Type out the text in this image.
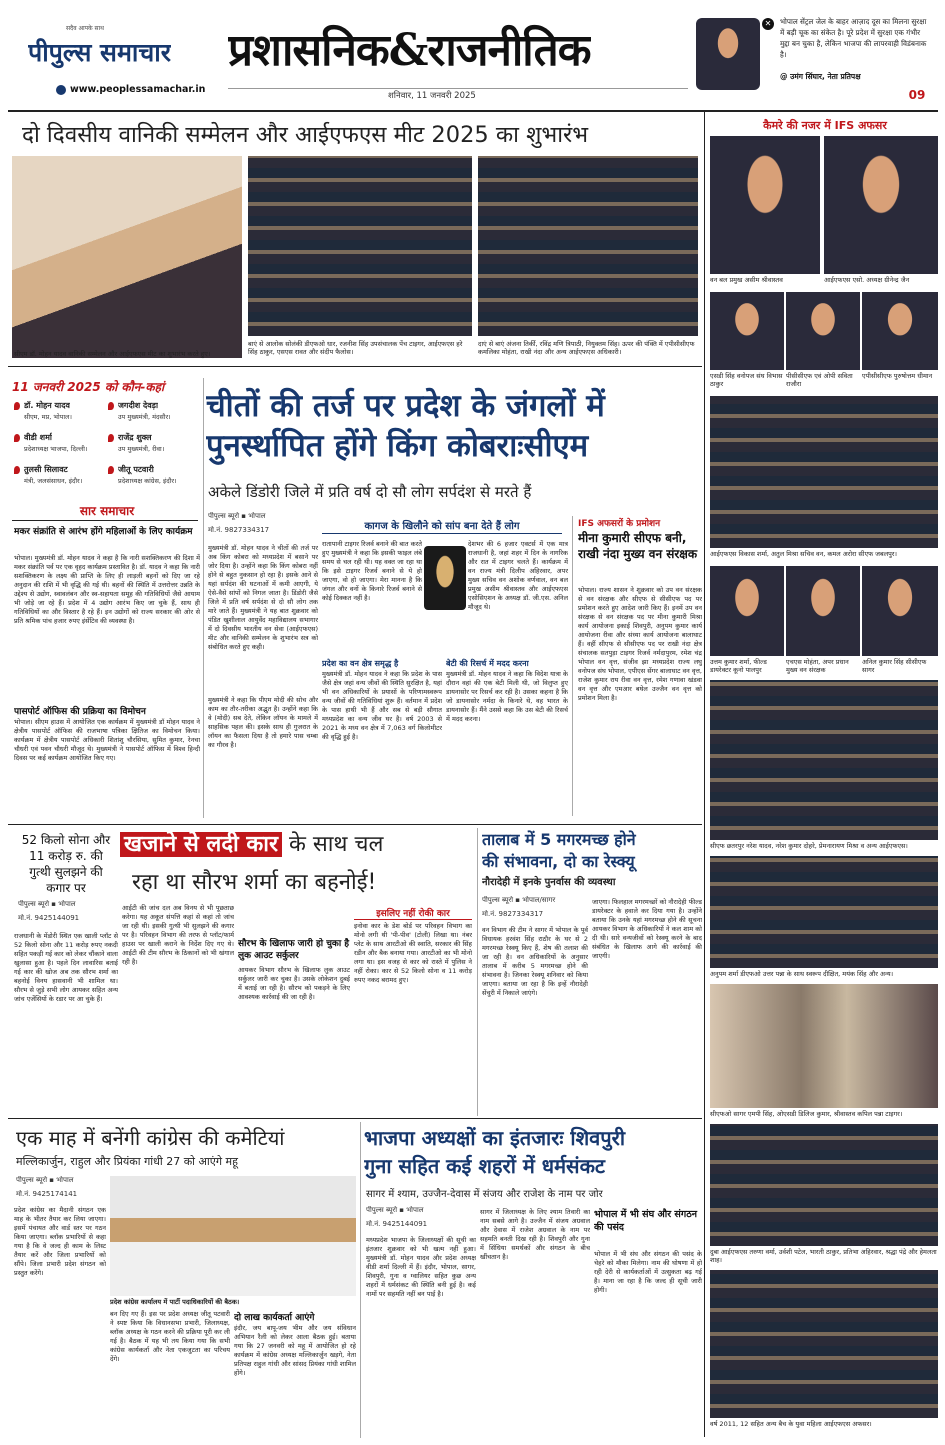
सदैव आपके साथ
पीपुल्स समाचार
www.peoplessamachar.in
प्रशासनिक&राजनीतिक
✕	भोपाल सेंट्रल जेल के बाहर आज़ाद दूस का मिलना सुरक्षा में बड़ी चूक का संकेत है। पूरे प्रदेश में सुरक्षा एक गंभीर मुद्दा बन चुका है, लेकिन भाजपा की लापरवाही विडंबनाक है।
@ उमंग सिंघार, नेता प्रतिपक्ष
शनिवार, 11 जनवरी 2025	09
दो दिवसीय वानिकी सम्मेलन और आईएफएस मीट 2025 का शुभारंभ
सीएम डॉ. मोहन यादव वानिकी सम्मेलन और आईएफएस मीट का शुभारंभ करते हुए।
बाएं से आलोक सोलंकी डीएफओ धार, रजनीश सिंह उपसंचालक पेंच टाइगर, आईएफएस हरे सिंह ठाकुर, एसएस रावत और संदीप फैलोस।
दाएं से बाएं अंजना तिर्की, रविंद्र मणि त्रिपाठी, नियुक्तम सिंह। ऊपर की पंक्ति में एपीसीसीएफ कमलिका मोहंता, राखी नंदा और अन्य आईएफएस अधिकारी।
कैमरे की नजर में IFS अफसर
वन बल प्रमुख असीम श्रीवास्तव	आईएफएस एसो. अध्यक्ष ग्रीनेन्द्र जैन
एसडी सिंह वनोपज संघ विभास ठाकुर
पीसीसीएफ एवं ओपी सविता राजौरा
एपीसीसीएफ पुरुषोत्तम धीमान
आईएफएस विकास शर्मा, अतुल मिश्रा सचिव वन, कमल अरोरा सीएफ जबलपुर।
उत्तम कुमार शर्मा, फील्ड डायरेक्टर कूनो पालपुर
एचएस मोहंता, अपर प्रधान मुख्य वन संरक्षक
अनिल कुमार सिंह सीसीएफ सागर
सीएफ छतरपुर नरेश यादव, नरेश कुमार दोहरे, प्रेमनारायण मिश्रा व अन्य आईएफएस।
अनुपम शर्मा डीएफओ उत्तर पन्ना के साथ स्वरूप दीक्षित, मयंक सिंह और अन्य।
सीएफओ सागर एमपी सिंह, ओएसडी डिलिज कुमार, श्रीवास्तव कपिल पन्ना टाइगर।
दुबा आईएफएस तरुणा वर्मा, उर्वशी पटेल, भारती ठाकुर, प्रतिभा अहिरवार, श्रद्धा पंद्रे और हेमलता शाह।
वर्ष 2011, 12 सहित अन्य बैच के युवा महिला आईएफएस अफसर।
11 जनवरी 2025 को कौन-कहां
डॉ. मोहन यादव
सीएम, मप्र, भोपाल।
जगदीश देवड़ा
उप मुख्यमंत्री, मंदसौर।
वीडी शर्मा
प्रदेशाध्यक्ष भाजपा, दिल्ली।
राजेंद्र शुक्ल
उप मुख्यमंत्री, रीवा।
तुलसी सिलावट
मंत्री, जलसंसाधन, इंदौर।
जीतू पटवारी
प्रदेशाध्यक्ष कांग्रेस, इंदौर।
सार समाचार
मकर संक्रांति से आरंभ होंगे महिलाओं के लिए कार्यक्रम
भोपाल। मुख्यमंत्री डॉ. मोहन यादव ने कहा है कि नारी सशक्तिकरण की दिशा में मकर संक्रांति पर्व पर एक वृहद कार्यक्रम प्रस्तावित है। डॉ. यादव ने कहा कि नारी सशक्तिकरण के लक्ष्य की प्राप्ति के लिए ही लाड़ली बहनों को दिए जा रहे अनुदान की राशि में भी वृद्धि की गई थी। बहनों की स्थिति में उत्तरोत्तर उन्नति के उद्देश्य से उद्योग, स्वावलंबन और स्व-सहायता समूह की गतिविधियों जैसे आयाम भी जोड़े जा रहे हैं। प्रदेश में 4 उद्योग आरंभ किए जा चुके हैं, साथ ही गतिविधियों का और विस्तार है रहे हैं। इन उद्योगों को राज्य सरकार की ओर से प्रति श्रमिक पांच हजार रुपए इंसेंटिव की व्यवस्था है।
पासपोर्ट ऑफिस की प्रक्रिया का विमोचन
भोपाल। सीएम हाउस में आयोजित एक कार्यक्रम में मुख्यमंत्री डॉ मोहन यादव ने क्षेत्रीय पासपोर्ट ऑफिस की राजभाषा पत्रिका क्षितिज का विमोचन किया। कार्यक्रम में क्षेत्रीय पासपोर्ट अधिकारी शितांशु चौरसिया, सुमित कुमार, रेनचा चौधरी एवं पवन चौधरी मौजूद थे। मुख्यमंत्री ने पासपोर्ट ऑफिस में विश्व हिन्दी दिवस पर कई कार्यक्रम आयोजित किए गए।
चीतों की तर्ज पर प्रदेश के जंगलों में
पुनर्स्थापित होंगे किंग कोबराःसीएम
अकेले डिंडोरी जिले में प्रति वर्ष दो सौ लोग सर्पदंश से मरते हैं
पीपुल्स ब्यूरो ▪ भोपाल
मो.नं. 9827334317
मुख्यमंत्री डॉ. मोहन यादव ने चीतों की तर्ज पर अब किंग कोबरा को मध्यप्रदेश में बसाने पर जोर दिया है। उन्होंने कहा कि किंग कोबरा नहीं होने से बहुत नुकसान हो रहा है। इसके आने से यहां सर्पदंश की घटनाओं में कमी आएगी, ये ऐसे-वैसे सांपों को निगल जाता है। डिंडोरी जैसे जिले में प्रति वर्ष सर्पदंश से दो सौ लोग तक मारे जाते हैं। मुख्यमंत्री ने यह बात शुक्रवार को पंडित खुशीलाल आयुर्वेद महाविद्यालय सभागार में दो दिवसीय भारतीय वन सेवा (आईएफएस) मीट और वानिकी सम्मेलन के शुभारंभ सत्र को संबोधित करते हुए कही।
मुख्यमंत्री ने कहा कि पीएम मोदी की सोच और काम का तौर-तरीका अद्भुत है। उन्होंने कहा कि वे (मोदी) सब देते, लेकिन लॉयन के मामले में साहसिक पहल की। इसके साथ ही गुजरात के लॉयन का फैसला दिया है तो हमारे पास चम्बा का गौरव है।
कागज के खिलौने को सांप बना देते हैं लोग
रातापानी टाइगर रिजर्व बनाने की बात करते हुए मुख्यमंत्री ने कहा कि इसकी फाइल लंबे समय से चल रही थी। यह वक्त जा रहा था कि इसे टाइगर रिजर्व बनाने से ये हो जाएगा, वो हो जाएगा। मेरा मानना है कि जंगल और वनों के किनारे रिजर्व बनाने से कोई दिक्कत नहीं है।
देशभर की 6 हजार एक्टर्स में एक मात्र राजधानी है, जहां शहर में दिन के नागरिक और रात में टाइगर चलते हैं। कार्यक्रम में वन राज्य मंत्री दिलीप अहिरवार, अपर मुख्य सचिव वन अशोक वर्णवाल, वन बल प्रमुख असीम श्रीवास्तव और आईएफएस एसोसिएशन के अध्यक्ष डॉ. जी.एस. अनिल मौजूद थे।
प्रदेश का वन क्षेत्र समृद्ध है
मुख्यमंत्री डॉ. मोहन यादव ने कहा कि प्रदेश के पास जैसे क्षेत्र जहां वन्य जीवों की स्थिति सुरक्षित है, यहां भी वन अधिकारियों के प्रयासों के परिणामस्वरूप वन्य जीवों की गतिविधियां शुरू हैं। वर्तमान में प्रदेश के पास हाथी भी हैं और सब से बड़ी सौगात मध्यप्रदेश का वन्य जीव घर है। वर्ष 2003 से 2021 के मध्य वन क्षेत्र में 7,063 वर्ग किलोमीटर की वृद्धि हुई है।
बेटी की रिसर्च में मदद करना
मुख्यमंत्री डॉ. मोहन यादव ने कहा कि विदेश यात्रा के दौरान वहां की एक बेटी मिली थी, जो विलुप्त हुए डायनासोर पर रिसर्च कर रही है। उसका कहना है कि जो डायनासोर नर्मदा के किनारे थे, वह भारत के डायनासोर हैं। मैंने उससे कहा कि उस बेटी की रिसर्च में मदद करना।
IFS अफसरों के प्रमोशन
मीना कुमारी सीएफ बनी, राखी नंदा मुख्य वन संरक्षक
भोपाल। राज्य शासन ने शुक्रवार को उप वन संरक्षक से वन संरक्षक और सीएफ से सीसीएफ पद पर प्रमोशन करते हुए आदेश जारी किए हैं। इनमें उप वन संरक्षक से वन संरक्षक पद पर मीना कुमारी मिश्रा कार्य आयोजना इकाई शिवपुरी, अनुपम कुमार कार्य आयोजना रीवा और संध्या कार्य आयोजना बालाघाट हैं। वहीं सीएफ से सीसीएफ पद पर राखी नंदा क्षेत्र संचालक सतपुड़ा टाइगर रिजर्व नर्मदापुरम, रमेश चंद्र भोपाल वन वृत्त, संजीव झा मध्यप्रदेश राज्य लघु वनोपज संघ भोपाल, एपीएस सेंगर बालाघाट वन वृत्त, राजेश कुमार राय रीवा वन वृत्त, रमेश गणावा खंडवा वन वृत्त और एमआर बघेल उज्जैन वन वृत्त को प्रमोशन मिला है।
52 किलो सोना और 11 करोड़ रु. की गुत्थी सुलझने की कगार पर
खजाने से लदी कार के साथ चल
रहा था सौरभ शर्मा का बहनोई!
पीपुल्स ब्यूरो ▪ भोपाल
मो.नं. 9425144091
राजधानी के मेंडोरी स्थित एक खाली प्लॉट से 52 किलो सोना और 11 करोड़ रुपए नकदी सहित पकड़ी गई कार को लेकर चौंकाने वाला खुलासा हुआ है। पहले दिन लावारिस बताई गई कार की खोज अब तक सौरभ शर्मा का बहनोई विनय हासवानी भी शामिल था। सौरभ से जुड़े सभी लोग आयकर सहित अन्य जांच एजेंसियों के रडार पर आ चुके हैं।
आईटी की जांच दल अब विनय से भी पूछताछ करेगा। यह अकूत संपत्ति कहां से कहां तो जांच जा रही थी। इसकी गुत्थी भी सुलझने की कगार पर है। परिवहन विभाग की तरफ से प्लॉट/फार्म हाउस पर खाली कराने के निर्देश दिए गए थे। आईटी की टीम सौरभ के ठिकानों को भी खंगाल रही है।
सौरभ के खिलाफ जारी हो चुका है लुक आउट सर्कुलर
आयकर विभाग सौरभ के खिलाफ लुक आउट सर्कुलर जारी कर चुका है। उसके लोकेशन दुबई में बताई जा रही है। सौरभ को पकड़ने के लिए आवश्यक कार्रवाई की जा रही है।
इसलिए नहीं रोकी कार
इनोवा कार के डेश बोर्ड पर परिवहन विभाग का मोनो लगी थी 'पी-पीव' (टोली) लिखा था। नंबर प्लेट के साथ आरटीओ की स्वाति, सरकार की सिंह रडीन और बैक बनाया गया। आरटीओ का भी मोनो लगा था। इस वजह से कार को रास्ते में पुलिस ने नहीं रोका। कार से 52 किलो सोना व 11 करोड़ रुपए नकद बरामद हुए।
तालाब में 5 मगरमच्छ होने
की संभावना, दो का रेस्क्यू
नौरादेही में इनके पुनर्वास की व्यवस्था
पीपुल्स ब्यूरो ▪ भोपाल/सागर
मो.नं. 9827334317
वन विभाग की टीम ने सागर में भोपाल के पूर्व विधायक हरवंश सिंह राठौर के घर से 2 मगरमच्छ रेस्क्यू किए हैं, शेष की तलाश की जा रही है। वन अधिकारियों के अनुसार तालाब में करीब 5 मगरमच्छ होने की संभावना है। जिनका रेस्क्यू शनिवार को किया जाएगा। बताया जा रहा है कि इन्हें नौरादेही सेंचुरी में निकाले जाएंगे।
जाएगा। फिलहाल मगरमच्छों को नौरादेही फील्ड डायरेक्टर के हवाले कर दिया गया है। उन्होंने बताया कि उनके यहां मगरमच्छ होने की सूचना आयकर विभाग के अधिकारियों ने कल शाम को दी थी। सारे वन्यजीवों को रेस्क्यू करने के बाद संबंधित के खिलाफ आगे की कार्रवाई की जाएगी।
एक माह में बनेंगी कांग्रेस की कमेटियां
मल्लिकार्जुन, राहुल और प्रियंका गांधी 27 को आएंगे महू
पीपुल्स ब्यूरो ▪ भोपाल
मो.नं. 9425174141
प्रदेश कांग्रेस का मैदानी संगठन एक माह के भीतर तैयार कर लिया जाएगा। इसमें पंचायत और वार्ड स्तर पर गठन किया जाएगा। ब्लॉक प्रभारियों से कहा गया है कि वे जल्द ही काम के लिस्ट तैयार करें और जिला प्रभारियों को सौंपे। जिला प्रभारी प्रदेश संगठन को प्रस्तुत करेंगे।
प्रदेश कांग्रेस कार्यालय में पार्टी पदाधिकारियों की बैठक।
बन दिए गए हैं। इस पर प्रदेश अध्यक्ष जीतू पटवारी ने स्पष्ट किया कि विधानसभा प्रभारी, जिलाध्यक्ष, ब्लॉक अध्यक्ष के गठन करने की प्रक्रिया पूरी कर ली गई है। बैठक में यह भी तय किया गया कि सभी कांग्रेस कार्यकर्ता और नेता एकजुटता का परिचय देंगे।
दो लाख कार्यकर्ता आएंगे
इंदौर, जय बापू-जय भीम और जय संविधान अभियान रैली को लेकर आला बैठक हुई। बताया गया कि 27 जनवरी को महू में आयोजित हो रहे कार्यक्रम में कांग्रेस अध्यक्ष मल्लिकार्जुन खड़गे, नेता प्रतिपक्ष राहुल गांधी और सांसद प्रियंका गांधी शामिल होंगे।
भाजपा अध्यक्षों का इंतजारः शिवपुरी
गुना सहित कई शहरों में धर्मसंकट
सागर में श्याम, उज्जैन-देवास में संजय और राजेश के नाम पर जोर
पीपुल्स ब्यूरो ▪ भोपाल
मो.नं. 9425144091
मध्यप्रदेश भाजपा के जिलाध्यक्षों की सूची का इंतजार शुक्रवार को भी खत्म नहीं हुआ। मुख्यमंत्री डॉ. मोहन यादव और प्रदेश अध्यक्ष वीडी शर्मा दिल्ली में हैं। इंदौर, भोपाल, सागर, शिवपुरी, गुना व ग्वालियर सहित कुछ अन्य शहरों में धर्मसंकट की स्थिति बनी हुई है। कई नामों पर सहमति नहीं बन पाई है।
सागर में जिलाध्यक्ष के लिए श्याम तिवारी का नाम सबसे आगे है। उज्जैन में संजय अग्रवाल और देवास में राजेश अग्रवाल के नाम पर सहमति बनती दिख रही है। शिवपुरी और गुना में सिंधिया समर्थकों और संगठन के बीच खींचतान है।
भोपाल में भी संघ और संगठन की पसंद
भोपाल में भी संघ और संगठन की पसंद के चेहरे को मौका मिलेगा। नाम की घोषणा में हो रही देरी से कार्यकर्ताओं में उत्सुकता बढ़ गई है। माना जा रहा है कि जल्द ही सूची जारी होगी।
